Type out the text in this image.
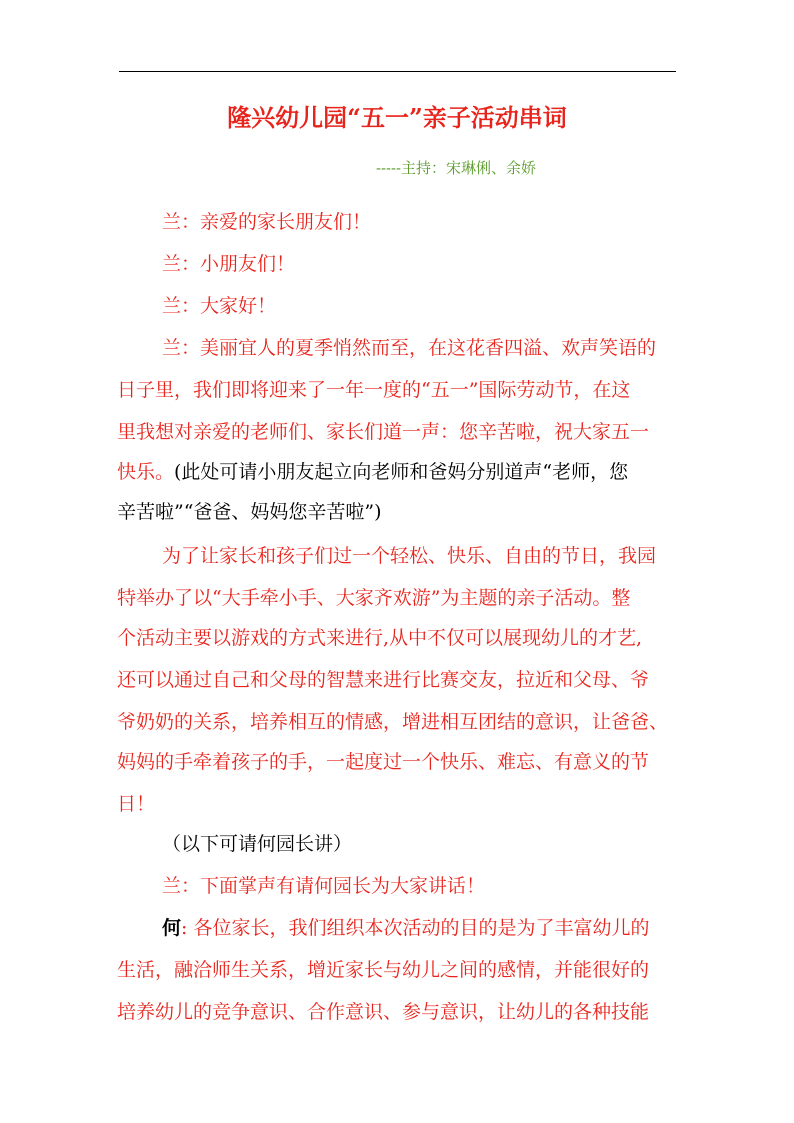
隆兴幼儿园“五一”亲子活动串词
-----主持：宋琳俐、余娇
兰：亲爱的家长朋友们！
兰：小朋友们！
兰：大家好！
兰：美丽宜人的夏季悄然而至，在这花香四溢、欢声笑语的
日子里，我们即将迎来了一年一度的“五一”国际劳动节，在这
里我想对亲爱的老师们、家长们道一声：您辛苦啦，祝大家五一
快乐。(此处可请小朋友起立向老师和爸妈分别道声“老师，您
辛苦啦”“爸爸、妈妈您辛苦啦”)
为了让家长和孩子们过一个轻松、快乐、自由的节日，我园
特举办了以“大手牵小手、大家齐欢游”为主题的亲子活动。整
个活动主要以游戏的方式来进行,从中不仅可以展现幼儿的才艺,
还可以通过自己和父母的智慧来进行比赛交友，拉近和父母、爷
爷奶奶的关系，培养相互的情感，增进相互团结的意识，让爸爸、
妈妈的手牵着孩子的手，一起度过一个快乐、难忘、有意义的节
日！
（以下可请何园长讲）
兰：下面掌声有请何园长为大家讲话！
何: 各位家长，我们组织本次活动的目的是为了丰富幼儿的
生活，融洽师生关系，增近家长与幼儿之间的感情，并能很好的
培养幼儿的竞争意识、合作意识、参与意识，让幼儿的各种技能
